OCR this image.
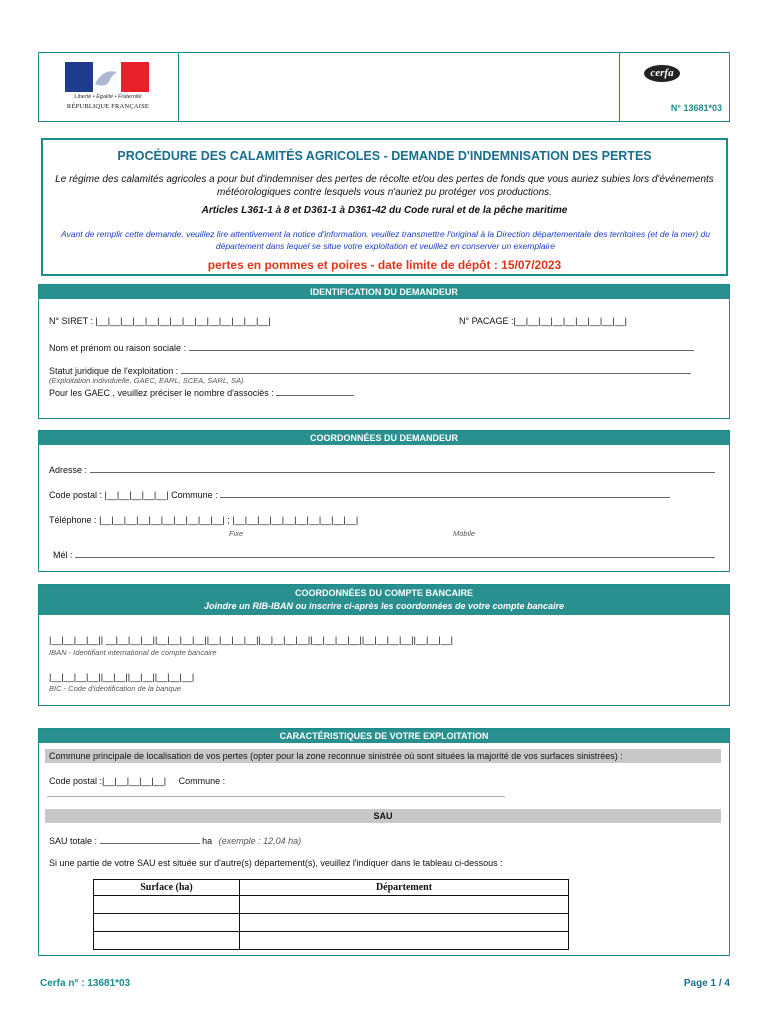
Liberté • Égalité • Fraternité
RÉPUBLIQUE FRANÇAISE
cerfa
N° 13681*03
PROCÉDURE DES CALAMITÉS AGRICOLES - DEMANDE D'INDEMNISATION DES PERTES
Le régime des calamités agricoles a pour but d'indemniser des pertes de récolte et/ou des pertes de fonds que vous auriez subies lors d'événements météorologiques contre lesquels vous n'auriez pu protéger vos productions.
Articles L361-1 à 8 et D361-1 à D361-42 du Code rural et de la pêche maritime
Avant de remplir cette demande, veuillez lire attentivement la notice d'information. veuillez transmettre l'original à la Direction départementale des territoires (et de la mer) du département dans lequel se situe votre exploitation et veuillez en conserver un exemplaire
pertes en pommes et poires - date limite de dépôt : 15/07/2023
IDENTIFICATION DU DEMANDEUR
N° SIRET : |__|__|__|__|__|__|__|__|__|__|__|__|__|__|	N° PACAGE :|__|__|__|__|__|__|__|__|__|
Nom et prénom ou raison sociale :
Statut juridique de l'exploitation :
(Exploitation individuelle, GAEC, EARL, SCEA, SARL, SA)
Pour les GAEC , veuillez préciser le nombre d'associés :
COORDONNÉES DU DEMANDEUR
Adresse :
Code postal : |__|__|__|__|__| Commune :
Téléphone : |__|__|__|__|__|__|__|__|__|__| ; |__|__|__|__|__|__|__|__|__|__|
Fixe	Mobile
Mél :
COORDONNÉES DU COMPTE BANCAIRE
Joindre un RIB-IBAN ou inscrire ci-après les coordonnées de votre compte bancaire
|__|__|__|__|| __|__|__|__||__|__|__|__||__|__|__|__||__|__|__|__||__|__|__|__||__|__|__|__||__|__|__|
IBAN - Identifiant international de compte bancaire
|__|__|__|__||__|__||__|__||__|__|__|
BIC - Code d'identification de la banque
CARACTÉRISTIQUES DE VOTRE EXPLOITATION
Commune principale de localisation de vos pertes (opter pour la zone reconnue sinistrée où sont situées la majorité de vos surfaces sinistrées) :
Code postal :|__|__|__|__|__| Commune :
SAU
SAU totale :	ha (exemple : 12,04 ha)
Si une partie de votre SAU est située sur d'autre(s) département(s), veuillez l'indiquer dans le tableau ci-dessous :
Surface (ha)	Département

Cerfa n° : 13681*03	Page 1 / 4
